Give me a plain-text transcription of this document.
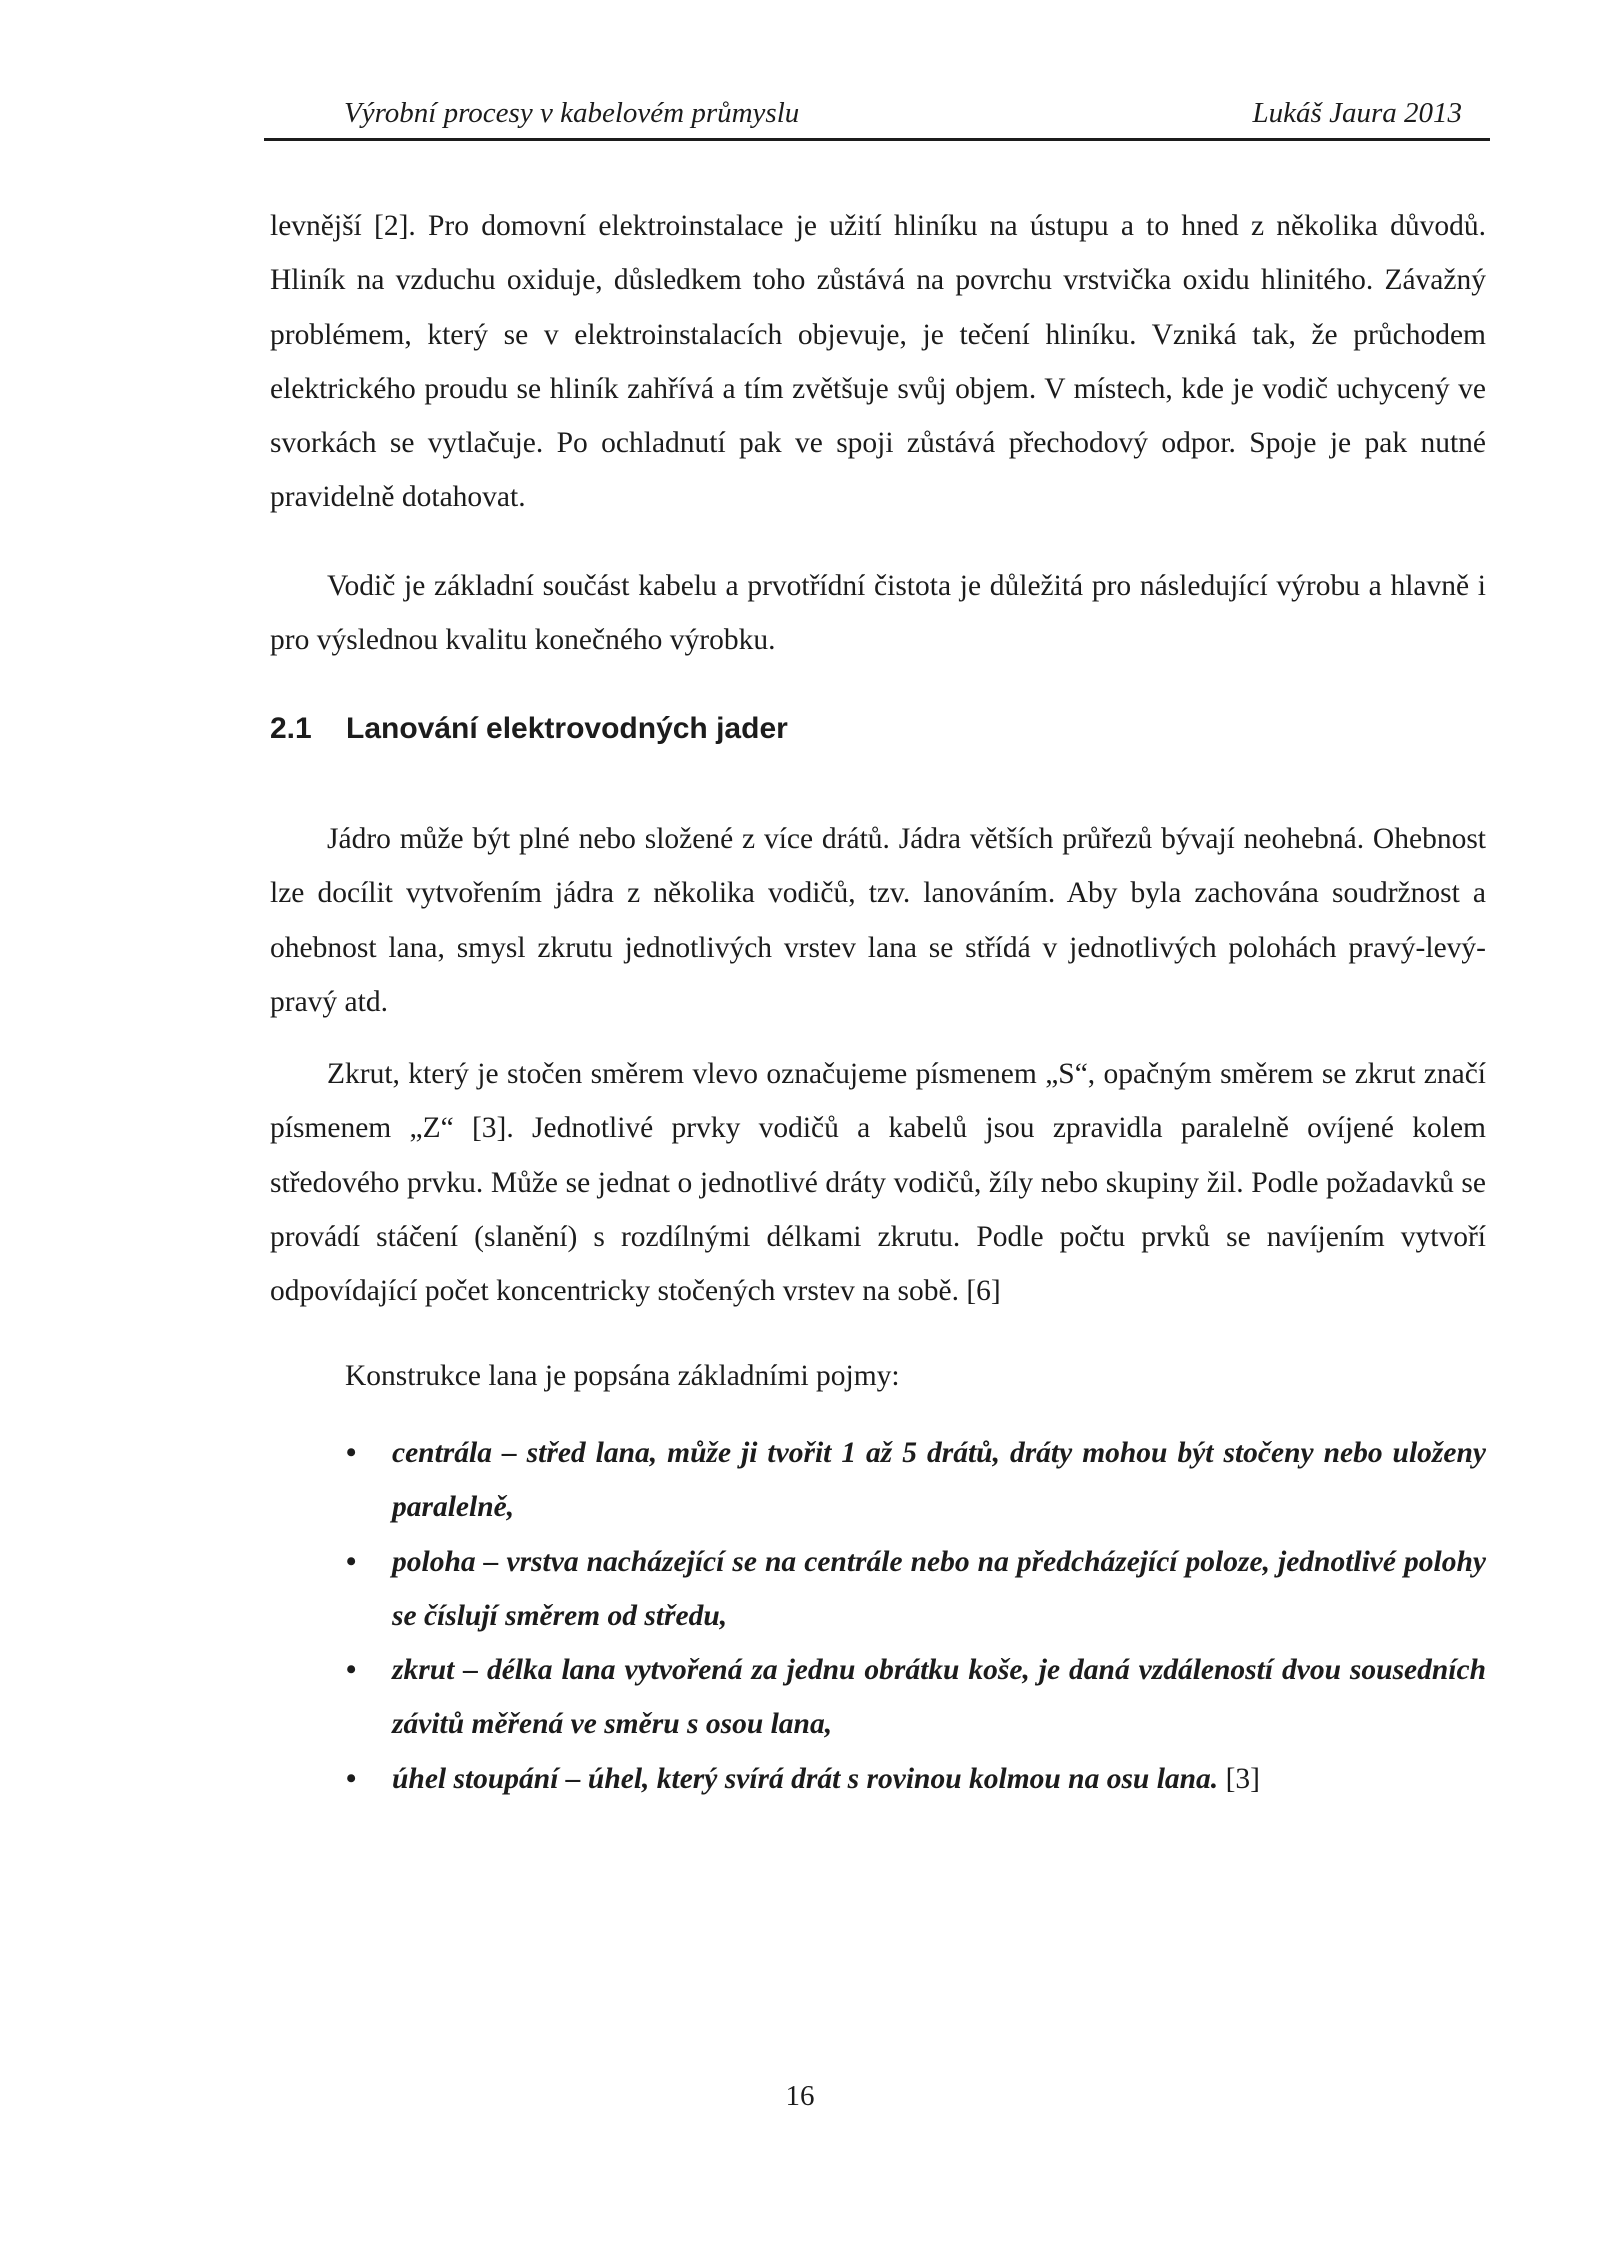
Výrobní procesy v kabelovém průmyslu	Lukáš Jaura 2013

levnější [2]. Pro domovní elektroinstalace je užití hliníku na ústupu a to hned z několika důvodů. Hliník na vzduchu oxiduje, důsledkem toho zůstává na povrchu vrstvička oxidu hlinitého. Závažný problémem, který se v elektroinstalacích objevuje, je tečení hliníku. Vzniká tak, že průchodem elektrického proudu se hliník zahřívá a tím zvětšuje svůj objem. V místech, kde je vodič uchycený ve svorkách se vytlačuje. Po ochladnutí pak ve spoji zůstává přechodový odpor. Spoje je pak nutné pravidelně dotahovat.

Vodič je základní součást kabelu a prvotřídní čistota je důležitá pro následující výrobu a hlavně i pro výslednou kvalitu konečného výrobku.

2.1 Lanování elektrovodných jader

Jádro může být plné nebo složené z více drátů. Jádra větších průřezů bývají neohebná. Ohebnost lze docílit vytvořením jádra z několika vodičů, tzv. lanováním. Aby byla zachována soudržnost a ohebnost lana, smysl zkrutu jednotlivých vrstev lana se střídá v jednotlivých polohách pravý-levý-pravý atd.

Zkrut, který je stočen směrem vlevo označujeme písmenem „S“, opačným směrem se zkrut značí písmenem „Z“ [3]. Jednotlivé prvky vodičů a kabelů jsou zpravidla paralelně ovíjené kolem středového prvku. Může se jednat o jednotlivé dráty vodičů, žíly nebo skupiny žil. Podle požadavků se provádí stáčení (slanění) s rozdílnými délkami zkrutu. Podle počtu prvků se navíjením vytvoří odpovídající počet koncentricky stočených vrstev na sobě. [6]

Konstrukce lana je popsána základními pojmy:
• centrála – střed lana, může ji tvořit 1 až 5 drátů, dráty mohou být stočeny nebo uloženy paralelně,
• poloha – vrstva nacházející se na centrále nebo na předcházející poloze, jednotlivé polohy se číslují směrem od středu,
• zkrut – délka lana vytvořená za jednu obrátku koše, je daná vzdáleností dvou sousedních závitů měřená ve směru s osou lana,
• úhel stoupání – úhel, který svírá drát s rovinou kolmou na osu lana. [3]
16
